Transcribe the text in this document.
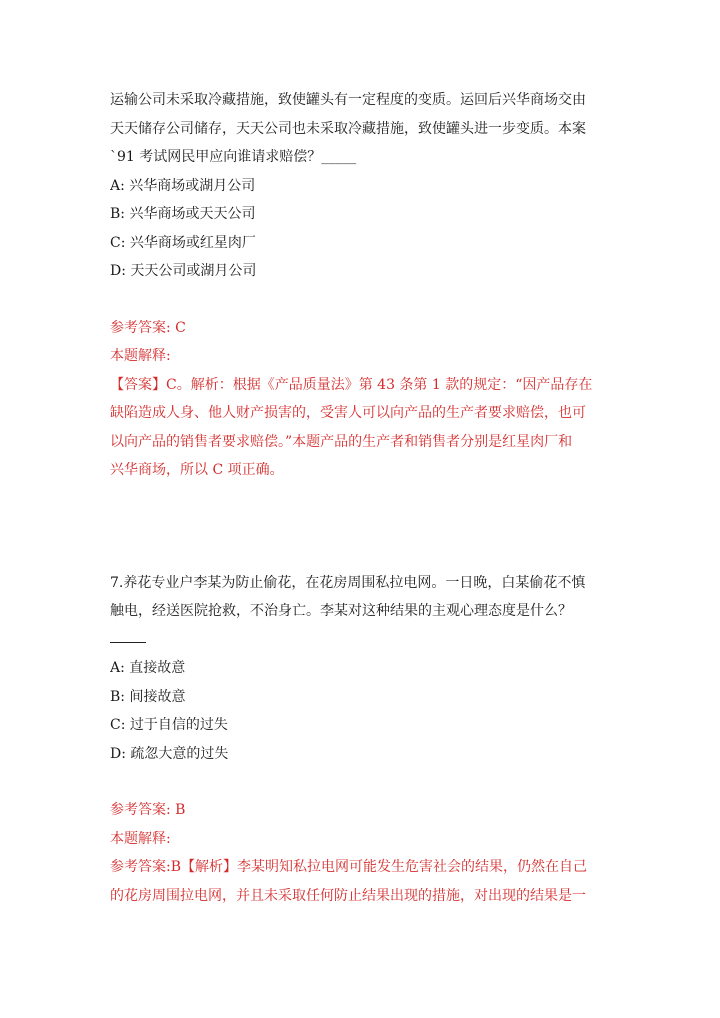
运输公司未采取冷藏措施，致使罐头有一定程度的变质。运回后兴华商场交由
天天储存公司储存，天天公司也未采取冷藏措施，致使罐头进一步变质。本案
`91 考试网民甲应向谁请求赔偿？_____
A: 兴华商场或湖月公司
B: 兴华商场或天天公司
C: 兴华商场或红星肉厂
D: 天天公司或湖月公司
参考答案: C
本题解释:
【答案】C。解析：根据《产品质量法》第 43 条第 1 款的规定：“因产品存在
缺陷造成人身、他人财产损害的，受害人可以向产品的生产者要求赔偿，也可
以向产品的销售者要求赔偿。”本题产品的生产者和销售者分别是红星肉厂和
兴华商场，所以 C 项正确。
7.养花专业户李某为防止偷花，在花房周围私拉电网。一日晚，白某偷花不慎
触电，经送医院抢救，不治身亡。李某对这种结果的主观心理态度是什么？
A: 直接故意
B: 间接故意
C: 过于自信的过失
D: 疏忽大意的过失
参考答案: B
本题解释:
参考答案:B【解析】李某明知私拉电网可能发生危害社会的结果，仍然在自己
的花房周围拉电网，并且未采取任何防止结果出现的措施，对出现的结果是一
